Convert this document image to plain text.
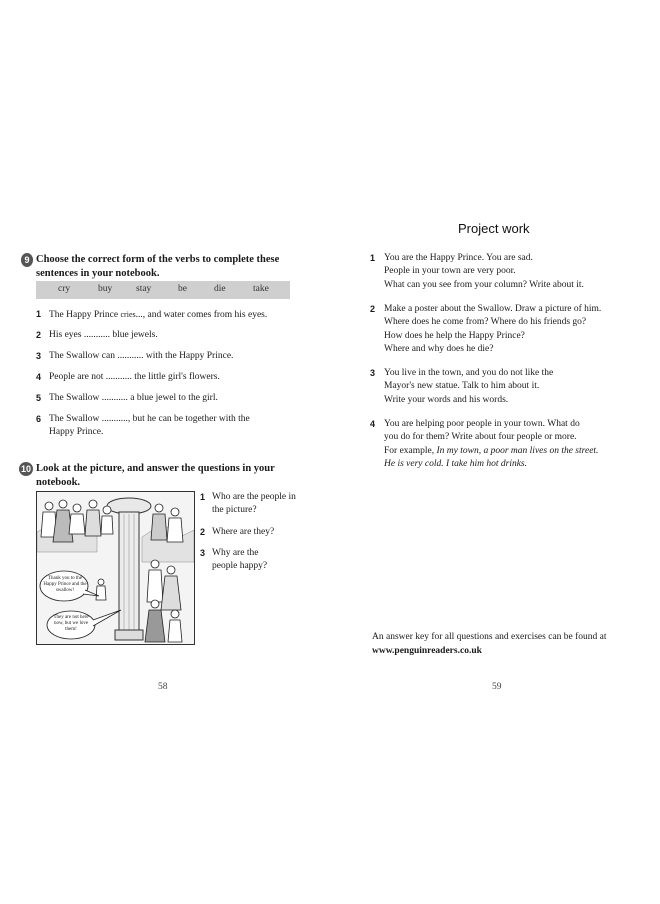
9 Choose the correct form of the verbs to complete these sentences in your notebook.
cry	buy	stay	be	die	take
1 The Happy Prince cries..., and water comes from his eyes.
2 His eyes ........... blue jewels.
3 The Swallow can ........... with the Happy Prince.
4 People are not ........... the little girl's flowers.
5 The Swallow ........... a blue jewel to the girl.
6 The Swallow ..........., but he can be together with the Happy Prince.
10 Look at the picture, and answer the questions in your notebook.
Thank you to the Happy Prince and the swallow!
They are not here now, but we love them!
1 Who are the people in the picture?
2 Where are they?
3 Why are the people happy?
58
Project work
1 You are the Happy Prince. You are sad.
People in your town are very poor.
What can you see from your column? Write about it.
2 Make a poster about the Swallow. Draw a picture of him.
Where does he come from? Where do his friends go?
How does he help the Happy Prince?
Where and why does he die?
3 You live in the town, and you do not like the
Mayor's new statue. Talk to him about it.
Write your words and his words.
4 You are helping poor people in your town. What do
you do for them? Write about four people or more.
For example, In my town, a poor man lives on the street.
He is very cold. I take him hot drinks.
An answer key for all questions and exercises can be found at www.penguinreaders.co.uk
59
